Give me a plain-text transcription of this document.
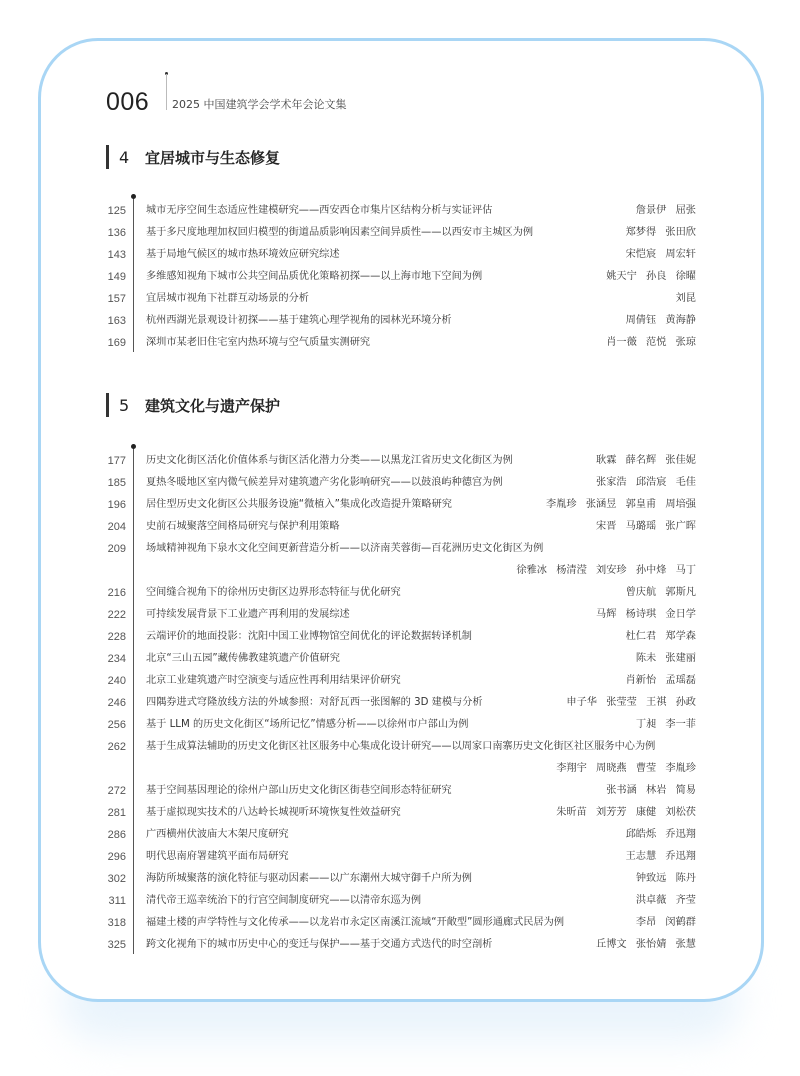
006 2025 中国建筑学会学术年会论文集
4	宜居城市与生态修复
125 城市无序空间生态适应性建模研究——西安西仓市集片区结构分析与实证评估	詹景伊 屈张
136 基于多尺度地理加权回归模型的街道品质影响因素空间异质性——以西安市主城区为例	郑梦得 张田欣
143 基于局地气候区的城市热环境效应研究综述	宋恺宸 周宏轩
149 多维感知视角下城市公共空间品质优化策略初探——以上海市地下空间为例	姚天宁 孙良 徐曜
157 宜居城市视角下社群互动场景的分析	刘昆
163 杭州西湖光景观设计初探——基于建筑心理学视角的园林光环境分析	周倩钰 黄海静
169 深圳市某老旧住宅室内热环境与空气质量实测研究	肖一薇 范悦 张琼
5	建筑文化与遗产保护
177 历史文化街区活化价值体系与街区活化潜力分类——以黑龙江省历史文化街区为例	耿霖 薛名辉 张佳妮
185 夏热冬暖地区室内微气候差异对建筑遗产劣化影响研究——以鼓浪屿种德宫为例	张家浩 邱浩宸 毛佳
196 居住型历史文化街区公共服务设施“微植入”集成化改造提升策略研究	李胤珍 张涵昱 郭皇甫 周培强
204 史前石城聚落空间格局研究与保护利用策略	宋晋 马璐瑶 张广晖
209 场域精神视角下泉水文化空间更新营造分析——以济南芙蓉街—百花洲历史文化街区为例
徐雅冰 杨清滢 刘安珍 孙中烽 马丁
216 空间缝合视角下的徐州历史街区边界形态特征与优化研究	曾庆航 郭斯凡
222 可持续发展背景下工业遗产再利用的发展综述	马辉 杨诗琪 金日学
228 云端评价的地面投影：沈阳中国工业博物馆空间优化的评论数据转译机制	杜仁君 郑学森
234 北京“三山五园”藏传佛教建筑遗产价值研究	陈未 张建丽
240 北京工业建筑遗产时空演变与适应性再利用结果评价研究	肖新怡 孟瑶磊
246 四隅券进式穹隆放线方法的外域参照：对舒瓦西一张图解的 3D 建模与分析	申子华 张莹莹 王祺 孙政
256 基于 LLM 的历史文化街区“场所记忆”情感分析——以徐州市户部山为例	丁昶 李一菲
262 基于生成算法辅助的历史文化街区社区服务中心集成化设计研究——以周家口南寨历史文化街区社区服务中心为例
李翔宇 周晓燕 曹莹 李胤珍
272 基于空间基因理论的徐州户部山历史文化街区街巷空间形态特征研究	张书涵 林岩 简易
281 基于虚拟现实技术的八达岭长城视听环境恢复性效益研究	朱昕苗 刘芳芳 康健 刘松茯
286 广西横州伏波庙大木架尺度研究	邱皓烁 乔迅翔
296 明代思南府署建筑平面布局研究	王志慧 乔迅翔
302 海防所城聚落的演化特征与驱动因素——以广东潮州大城守御千户所为例	钟致远 陈丹
311 清代帝王巡幸统治下的行宫空间制度研究——以清帝东巡为例	洪卓薇 齐莹
318 福建土楼的声学特性与文化传承——以龙岩市永定区南溪江流域“开敞型”圆形通廊式民居为例	李昂 闵鹤群
325 跨文化视角下的城市历史中心的变迁与保护——基于交通方式迭代的时空剖析	丘博文 张怡婧 张慧
